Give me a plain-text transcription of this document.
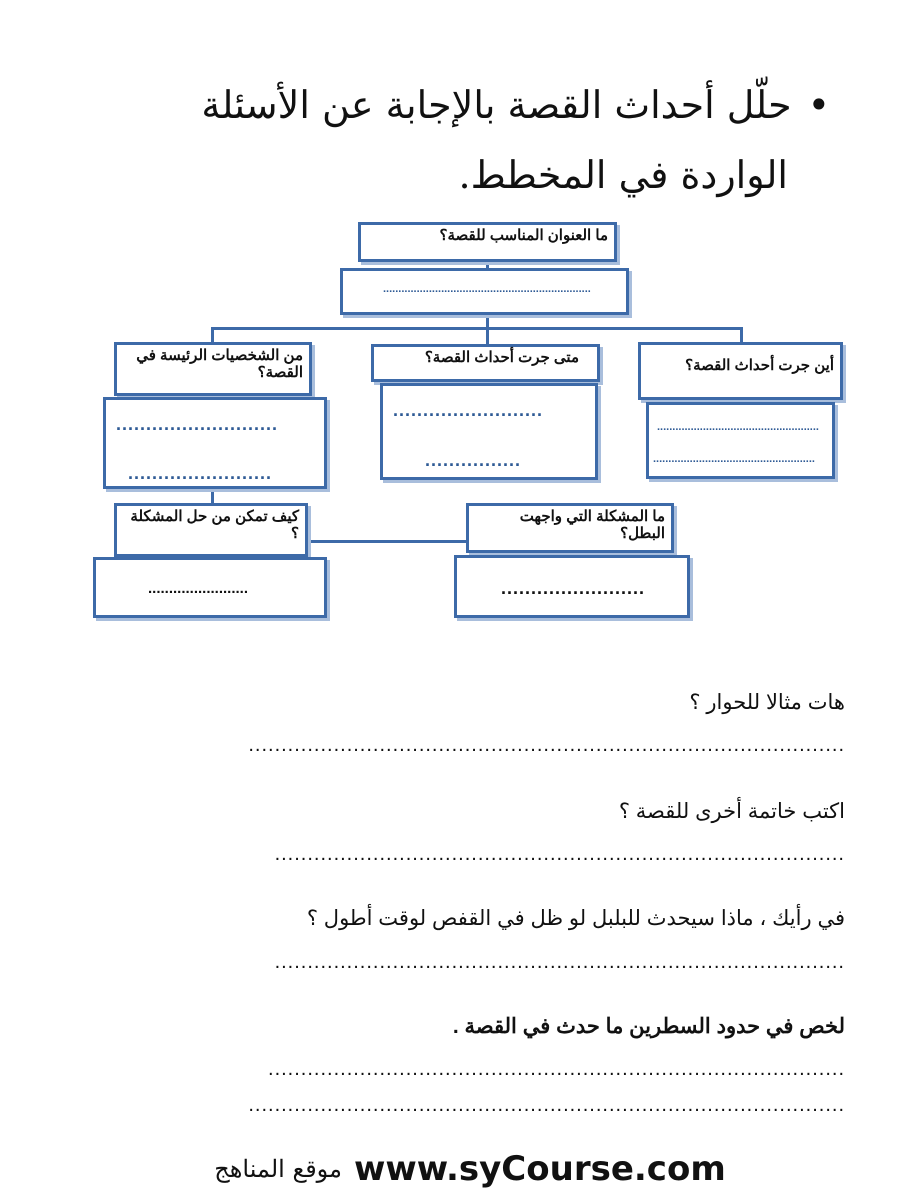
•حلّل أحداث القصة بالإجابة عن الأسئلة
الواردة في المخطط.
ما العنوان المناسب للقصة؟
....................................................................
أين جرت أحداث القصة؟
.....................................................
.....................................................
متى جرت أحداث القصة؟
.........................
................
من الشخصيات الرئيسة في القصة؟
...........................
........................
ما المشكلة التي واجهت البطل؟
........................
كيف تمكن من حل المشكلة ؟
........................
هات مثالا للحوار ؟
...........................................................................................
اكتب خاتمة أخرى للقصة ؟
.......................................................................................
في رأيك ، ماذا سيحدث للبلبل لو ظل في القفص لوقت أطول ؟
.......................................................................................
لخص في حدود السطرين ما حدث في القصة .
........................................................................................
...........................................................................................
موقع المناهج www.syCourse.com
